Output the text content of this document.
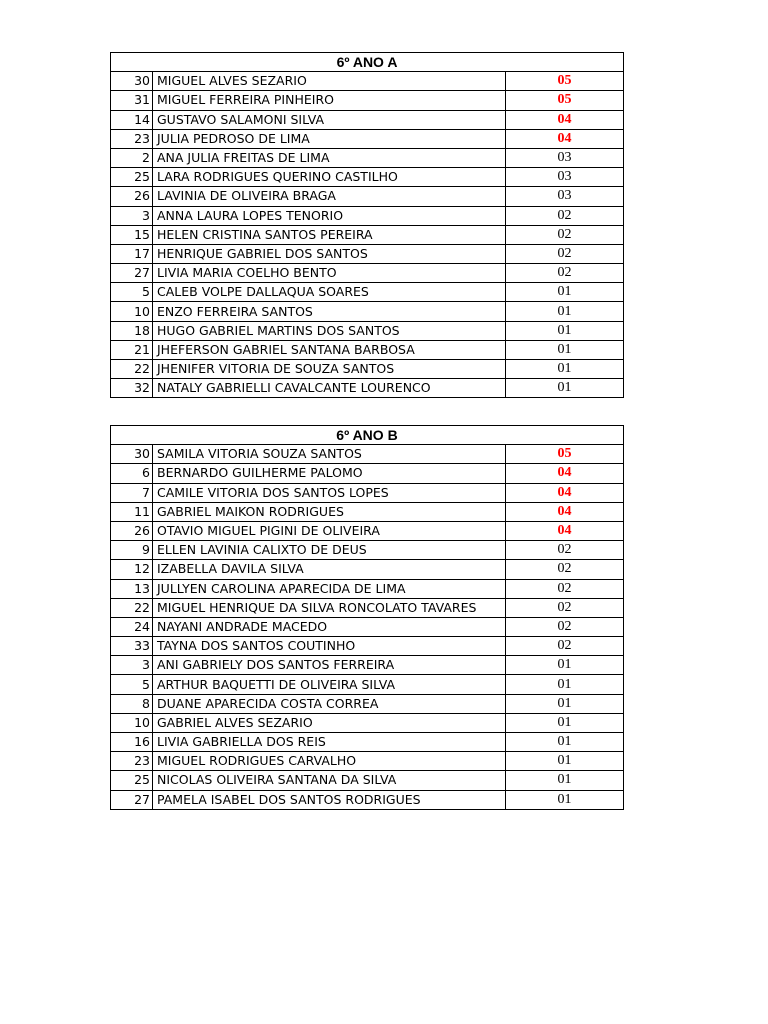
6º ANO A		
30	MIGUEL ALVES SEZARIO	05
31	MIGUEL FERREIRA PINHEIRO	05
14	GUSTAVO SALAMONI SILVA	04
23	JULIA PEDROSO DE LIMA	04
2	ANA JULIA FREITAS DE LIMA	03
25	LARA RODRIGUES QUERINO CASTILHO	03
26	LAVINIA DE OLIVEIRA BRAGA	03
3	ANNA LAURA LOPES TENORIO	02
15	HELEN CRISTINA SANTOS PEREIRA	02
17	HENRIQUE GABRIEL DOS SANTOS	02
27	LIVIA MARIA COELHO BENTO	02
5	CALEB VOLPE DALLAQUA SOARES	01
10	ENZO FERREIRA SANTOS	01
18	HUGO GABRIEL MARTINS DOS SANTOS	01
21	JHEFERSON GABRIEL SANTANA BARBOSA	01
22	JHENIFER VITORIA DE SOUZA SANTOS	01
32	NATALY GABRIELLI CAVALCANTE LOURENCO	01
6º ANO B		
30	SAMILA VITORIA SOUZA SANTOS	05
6	BERNARDO GUILHERME PALOMO	04
7	CAMILE VITORIA DOS SANTOS LOPES	04
11	GABRIEL MAIKON RODRIGUES	04
26	OTAVIO MIGUEL PIGINI DE OLIVEIRA	04
9	ELLEN LAVINIA CALIXTO DE DEUS	02
12	IZABELLA DAVILA SILVA	02
13	JULLYEN CAROLINA APARECIDA DE LIMA	02
22	MIGUEL HENRIQUE DA SILVA RONCOLATO TAVARES	02
24	NAYANI ANDRADE MACEDO	02
33	TAYNA DOS SANTOS COUTINHO	02
3	ANI GABRIELY DOS SANTOS FERREIRA	01
5	ARTHUR BAQUETTI DE OLIVEIRA SILVA	01
8	DUANE APARECIDA COSTA CORREA	01
10	GABRIEL ALVES SEZARIO	01
16	LIVIA GABRIELLA DOS REIS	01
23	MIGUEL RODRIGUES CARVALHO	01
25	NICOLAS OLIVEIRA SANTANA DA SILVA	01
27	PAMELA ISABEL DOS SANTOS RODRIGUES	01
